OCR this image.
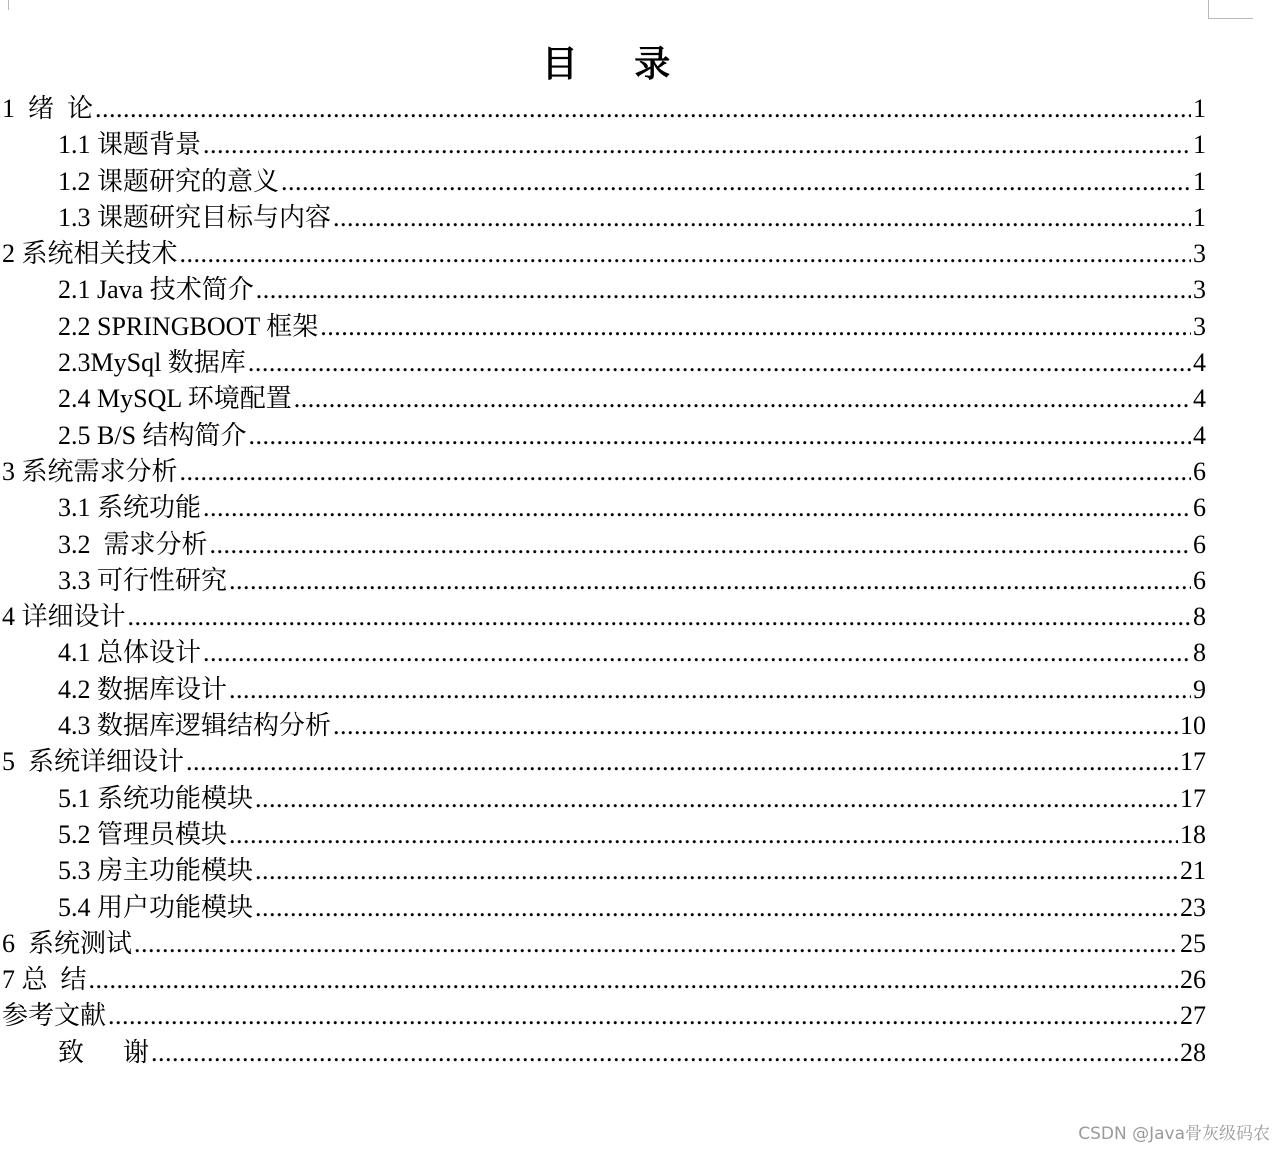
目 录
1  绪  论 .....	1
1.1 课题背景 .....	1
1.2 课题研究的意义 .....	1
1.3 课题研究目标与内容 .....	1
2 系统相关技术 .....	3
2.1 Java 技术简介 .....	3
2.2 SPRINGBOOT 框架 .....	3
2.3MySql 数据库 .....	4
2.4 MySQL 环境配置 .....	4
2.5 B/S 结构简介 .....	4
3 系统需求分析 .....	6
3.1 系统功能 .....	6
3.2  需求分析 .....	6
3.3 可行性研究 .....	6
4 详细设计 .....	8
4.1 总体设计 .....	8
4.2 数据库设计 .....	9
4.3 数据库逻辑结构分析 .....	10
5  系统详细设计 .....	17
5.1 系统功能模块 .....	17
5.2 管理员模块 .....	18
5.3 房主功能模块 .....	21
5.4 用户功能模块 .....	23
6  系统测试 .....	25
7 总  结 .....	26
参考文献 .....	27
致      谢 .....	28
CSDN @Java骨灰级码农
